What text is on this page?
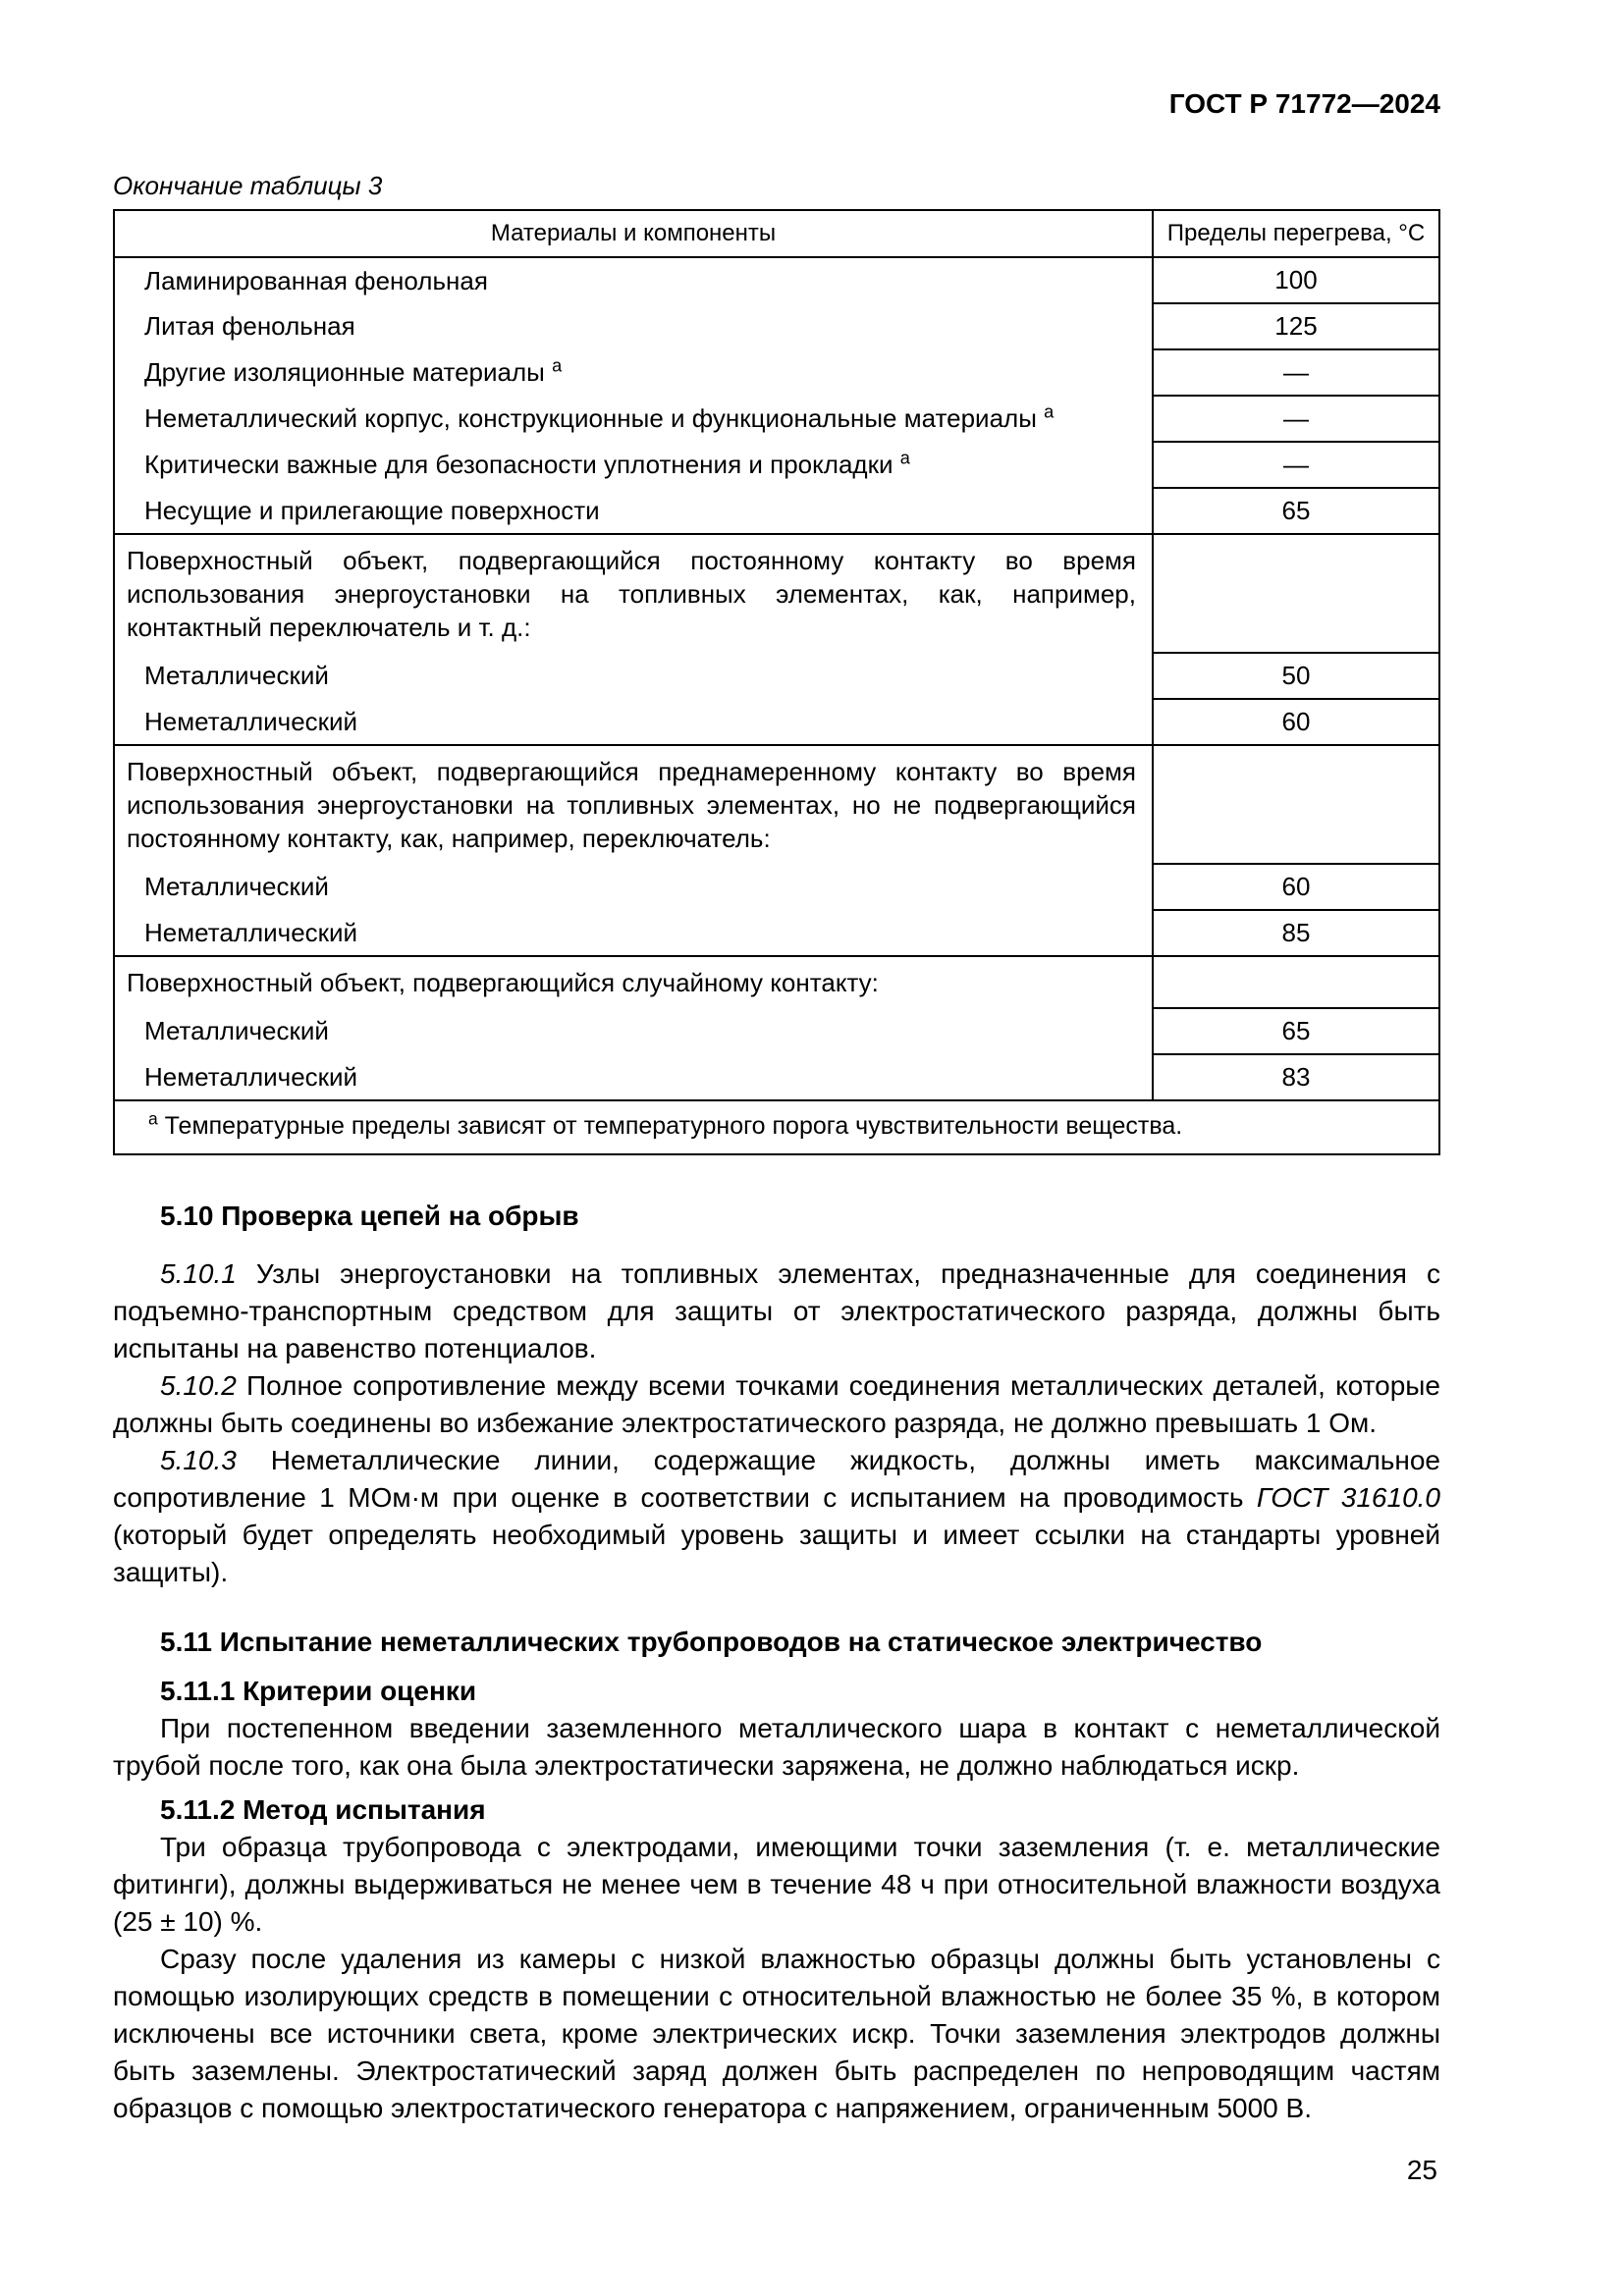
ГОСТ Р 71772—2024
Окончание таблицы 3
Материалы и компоненты	Пределы перегрева, °С
Ламинированная фенольная	100
Литая фенольная	125
Другие изоляционные материалы $^а$	—
Неметаллический корпус, конструкционные и функциональные материалы $^а$	—
Критически важные для безопасности уплотнения и прокладки $^а$	—
Несущие и прилегающие поверхности	65
Поверхностный объект, подвергающийся постоянному контакту во время использования энергоустановки на топливных элементах, как, например, контактный переключатель и т. д.:	
Металлический	50
Неметаллический	60
Поверхностный объект, подвергающийся преднамеренному контакту во время использования энергоустановки на топливных элементах, но не подвергающийся постоянному контакту, как, например, переключатель:	
Металлический	60
Неметаллический	85
Поверхностный объект, подвергающийся случайному контакту:	
Металлический	65
Неметаллический	83
$^а$ Температурные пределы зависят от температурного порога чувствительности вещества.	
5.10 Проверка цепей на обрыв

5.10.1 Узлы энергоустановки на топливных элементах, предназначенные для соединения с подъемно-транспортным средством для защиты от электростатического разряда, должны быть испытаны на равенство потенциалов.

5.10.2 Полное сопротивление между всеми точками соединения металлических деталей, которые должны быть соединены во избежание электростатического разряда, не должно превышать 1 Ом.

5.10.3 Неметаллические линии, содержащие жидкость, должны иметь максимальное сопротивление 1 МОм·м при оценке в соответствии с испытанием на проводимость ГОСТ 31610.0 (который будет определять необходимый уровень защиты и имеет ссылки на стандарты уровней защиты).

5.11 Испытание неметаллических трубопроводов на статическое электричество
5.11.1 Критерии оценки

При постепенном введении заземленного металлического шара в контакт с неметаллической трубой после того, как она была электростатически заряжена, не должно наблюдаться искр.

5.11.2 Метод испытания

Три образца трубопровода с электродами, имеющими точки заземления (т. е. металлические фитинги), должны выдерживаться не менее чем в течение 48 ч при относительной влажности воздуха (25 ± 10) %.

Сразу после удаления из камеры с низкой влажностью образцы должны быть установлены с помощью изолирующих средств в помещении с относительной влажностью не более 35 %, в котором исключены все источники света, кроме электрических искр. Точки заземления электродов должны быть заземлены. Электростатический заряд должен быть распределен по непроводящим частям образцов с помощью электростатического генератора с напряжением, ограниченным 5000 В.

25
